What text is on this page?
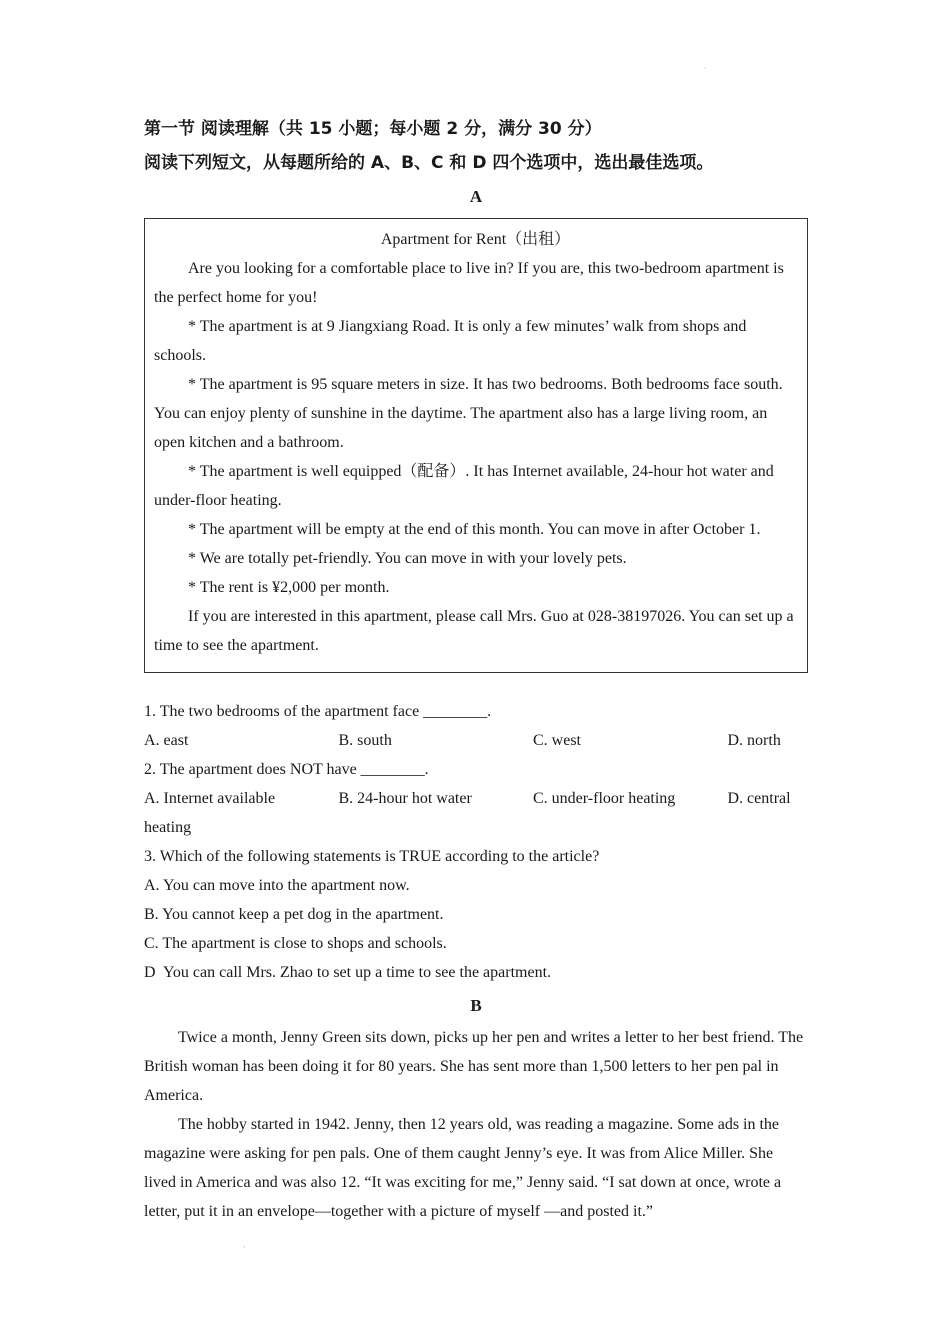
·
·
第一节 阅读理解（共 15 小题；每小题 2 分，满分 30 分）
阅读下列短文，从每题所给的 A、B、C 和 D 四个选项中，选出最佳选项。
A
Apartment for Rent（出租）

Are you looking for a comfortable place to live in? If you are, this two-bedroom apartment is the perfect home for you!

* The apartment is at 9 Jiangxiang Road. It is only a few minutes’ walk from shops and schools.

* The apartment is 95 square meters in size. It has two bedrooms. Both bedrooms face south. You can enjoy plenty of sunshine in the daytime. The apartment also has a large living room, an open kitchen and a bathroom.

* The apartment is well equipped（配备）. It has Internet available, 24-hour hot water and under-floor heating.

* The apartment will be empty at the end of this month. You can move in after October 1.

* We are totally pet-friendly. You can move in with your lovely pets.

* The rent is ¥2,000 per month.

If you are interested in this apartment, please call Mrs. Guo at 028-38197026. You can set up a time to see the apartment.

1. The two bedrooms of the apartment face ________.

A. east	B. south	C. west	D. north

2. The apartment does NOT have ________.

A. Internet available	B. 24-hour hot water	C. under-floor heating	D. central

heating

3. Which of the following statements is TRUE according to the article?

A. You can move into the apartment now.

B. You cannot keep a pet dog in the apartment.

C. The apartment is close to shops and schools.

D  You can call Mrs. Zhao to set up a time to see the apartment.

B

Twice a month, Jenny Green sits down, picks up her pen and writes a letter to her best friend. The British woman has been doing it for 80 years. She has sent more than 1,500 letters to her pen pal in America.

The hobby started in 1942. Jenny, then 12 years old, was reading a magazine. Some ads in the magazine were asking for pen pals. One of them caught Jenny’s eye. It was from Alice Miller. She lived in America and was also 12. “It was exciting for me,” Jenny said. “I sat down at once, wrote a letter, put it in an envelope—together with a picture of myself —and posted it.”
